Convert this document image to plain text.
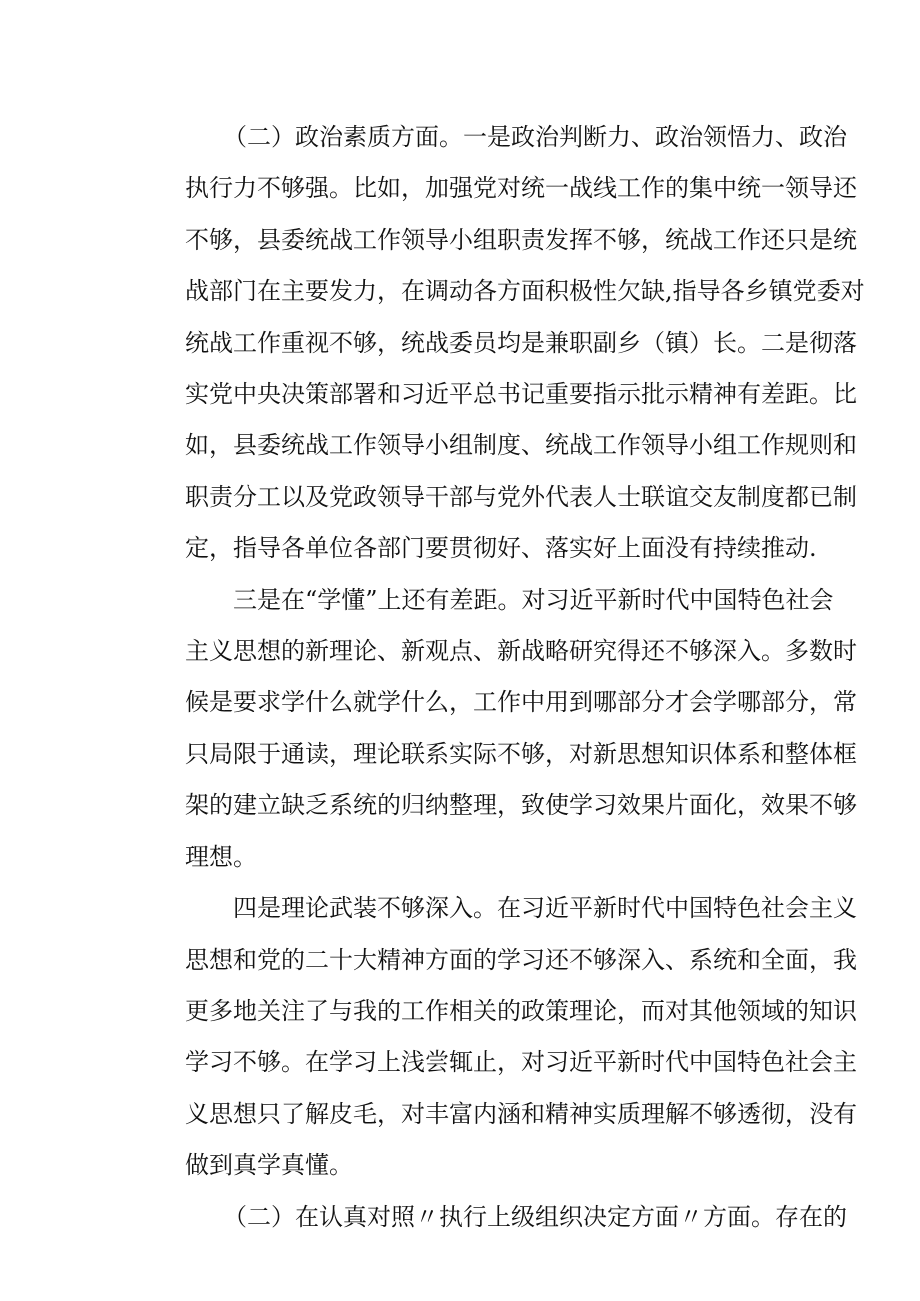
（二）政治素质方面。一是政治判断力、政治领悟力、政治
执行力不够强。比如，加强党对统一战线工作的集中统一领导还
不够，县委统战工作领导小组职责发挥不够，统战工作还只是统
战部门在主要发力，在调动各方面积极性欠缺,指导各乡镇党委对
统战工作重视不够，统战委员均是兼职副乡（镇）长。二是彻落
实党中央决策部署和习近平总书记重要指示批示精神有差距。比
如，县委统战工作领导小组制度、统战工作领导小组工作规则和
职责分工以及党政领导干部与党外代表人士联谊交友制度都已制
定，指导各单位各部门要贯彻好、落实好上面没有持续推动.
三是在“学懂”上还有差距。对习近平新时代中国特色社会
主义思想的新理论、新观点、新战略研究得还不够深入。多数时
候是要求学什么就学什么，工作中用到哪部分才会学哪部分，常
只局限于通读，理论联系实际不够，对新思想知识体系和整体框
架的建立缺乏系统的归纳整理，致使学习效果片面化，效果不够
理想。
四是理论武装不够深入。在习近平新时代中国特色社会主义
思想和党的二十大精神方面的学习还不够深入、系统和全面，我
更多地关注了与我的工作相关的政策理论，而对其他领域的知识
学习不够。在学习上浅尝辄止，对习近平新时代中国特色社会主
义思想只了解皮毛，对丰富内涵和精神实质理解不够透彻，没有
做到真学真懂。
（二）在认真对照〃执行上级组织决定方面〃方面。存在的
